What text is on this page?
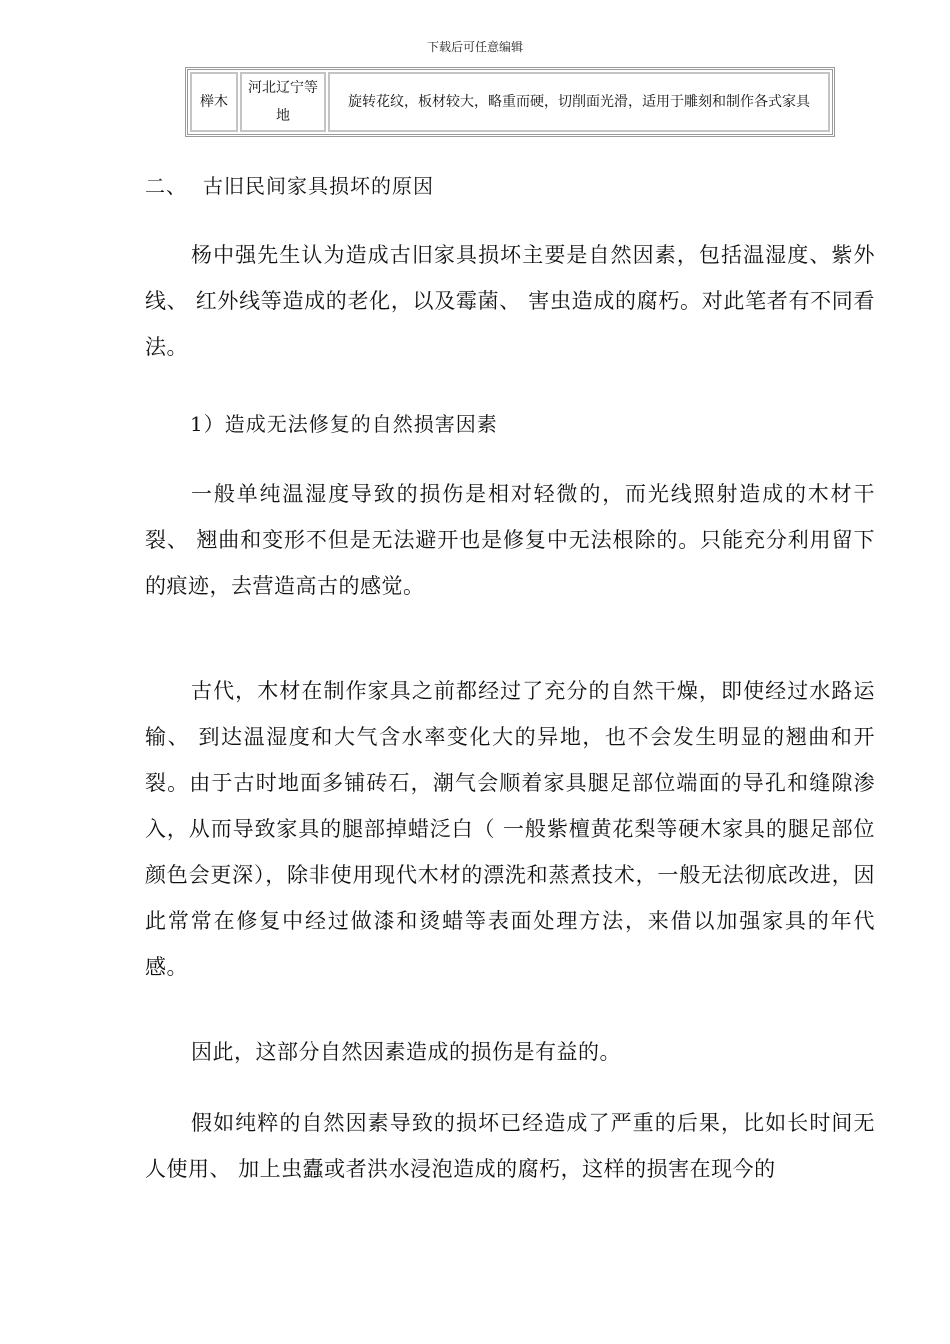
下载后可任意编辑
榉木
河北辽宁等地
旋转花纹，板材较大，略重而硬，切削面光滑，适用于雕刻和制作各式家具
二、 古旧民间家具损坏的原因

杨中强先生认为造成古旧家具损坏主要是自然因素，包括温湿度、紫外线、 红外线等造成的老化，以及霉菌、 害虫造成的腐朽。对此笔者有不同看法。

1）造成无法修复的自然损害因素

一般单纯温湿度导致的损伤是相对轻微的，而光线照射造成的木材干裂、 翘曲和变形不但是无法避开也是修复中无法根除的。只能充分利用留下的痕迹，去营造高古的感觉。

古代，木材在制作家具之前都经过了充分的自然干燥，即使经过水路运输、 到达温湿度和大气含水率变化大的异地，也不会发生明显的翘曲和开裂。由于古时地面多铺砖石，潮气会顺着家具腿足部位端面的导孔和缝隙渗入，从而导致家具的腿部掉蜡泛白（ 一般紫檀黄花梨等硬木家具的腿足部位颜色会更深），除非使用现代木材的漂洗和蒸煮技术，一般无法彻底改进，因此常常在修复中经过做漆和烫蜡等表面处理方法，来借以加强家具的年代感。

因此，这部分自然因素造成的损伤是有益的。

假如纯粹的自然因素导致的损坏已经造成了严重的后果，比如长时间无人使用、 加上虫蠹或者洪水浸泡造成的腐朽，这样的损害在现今的
